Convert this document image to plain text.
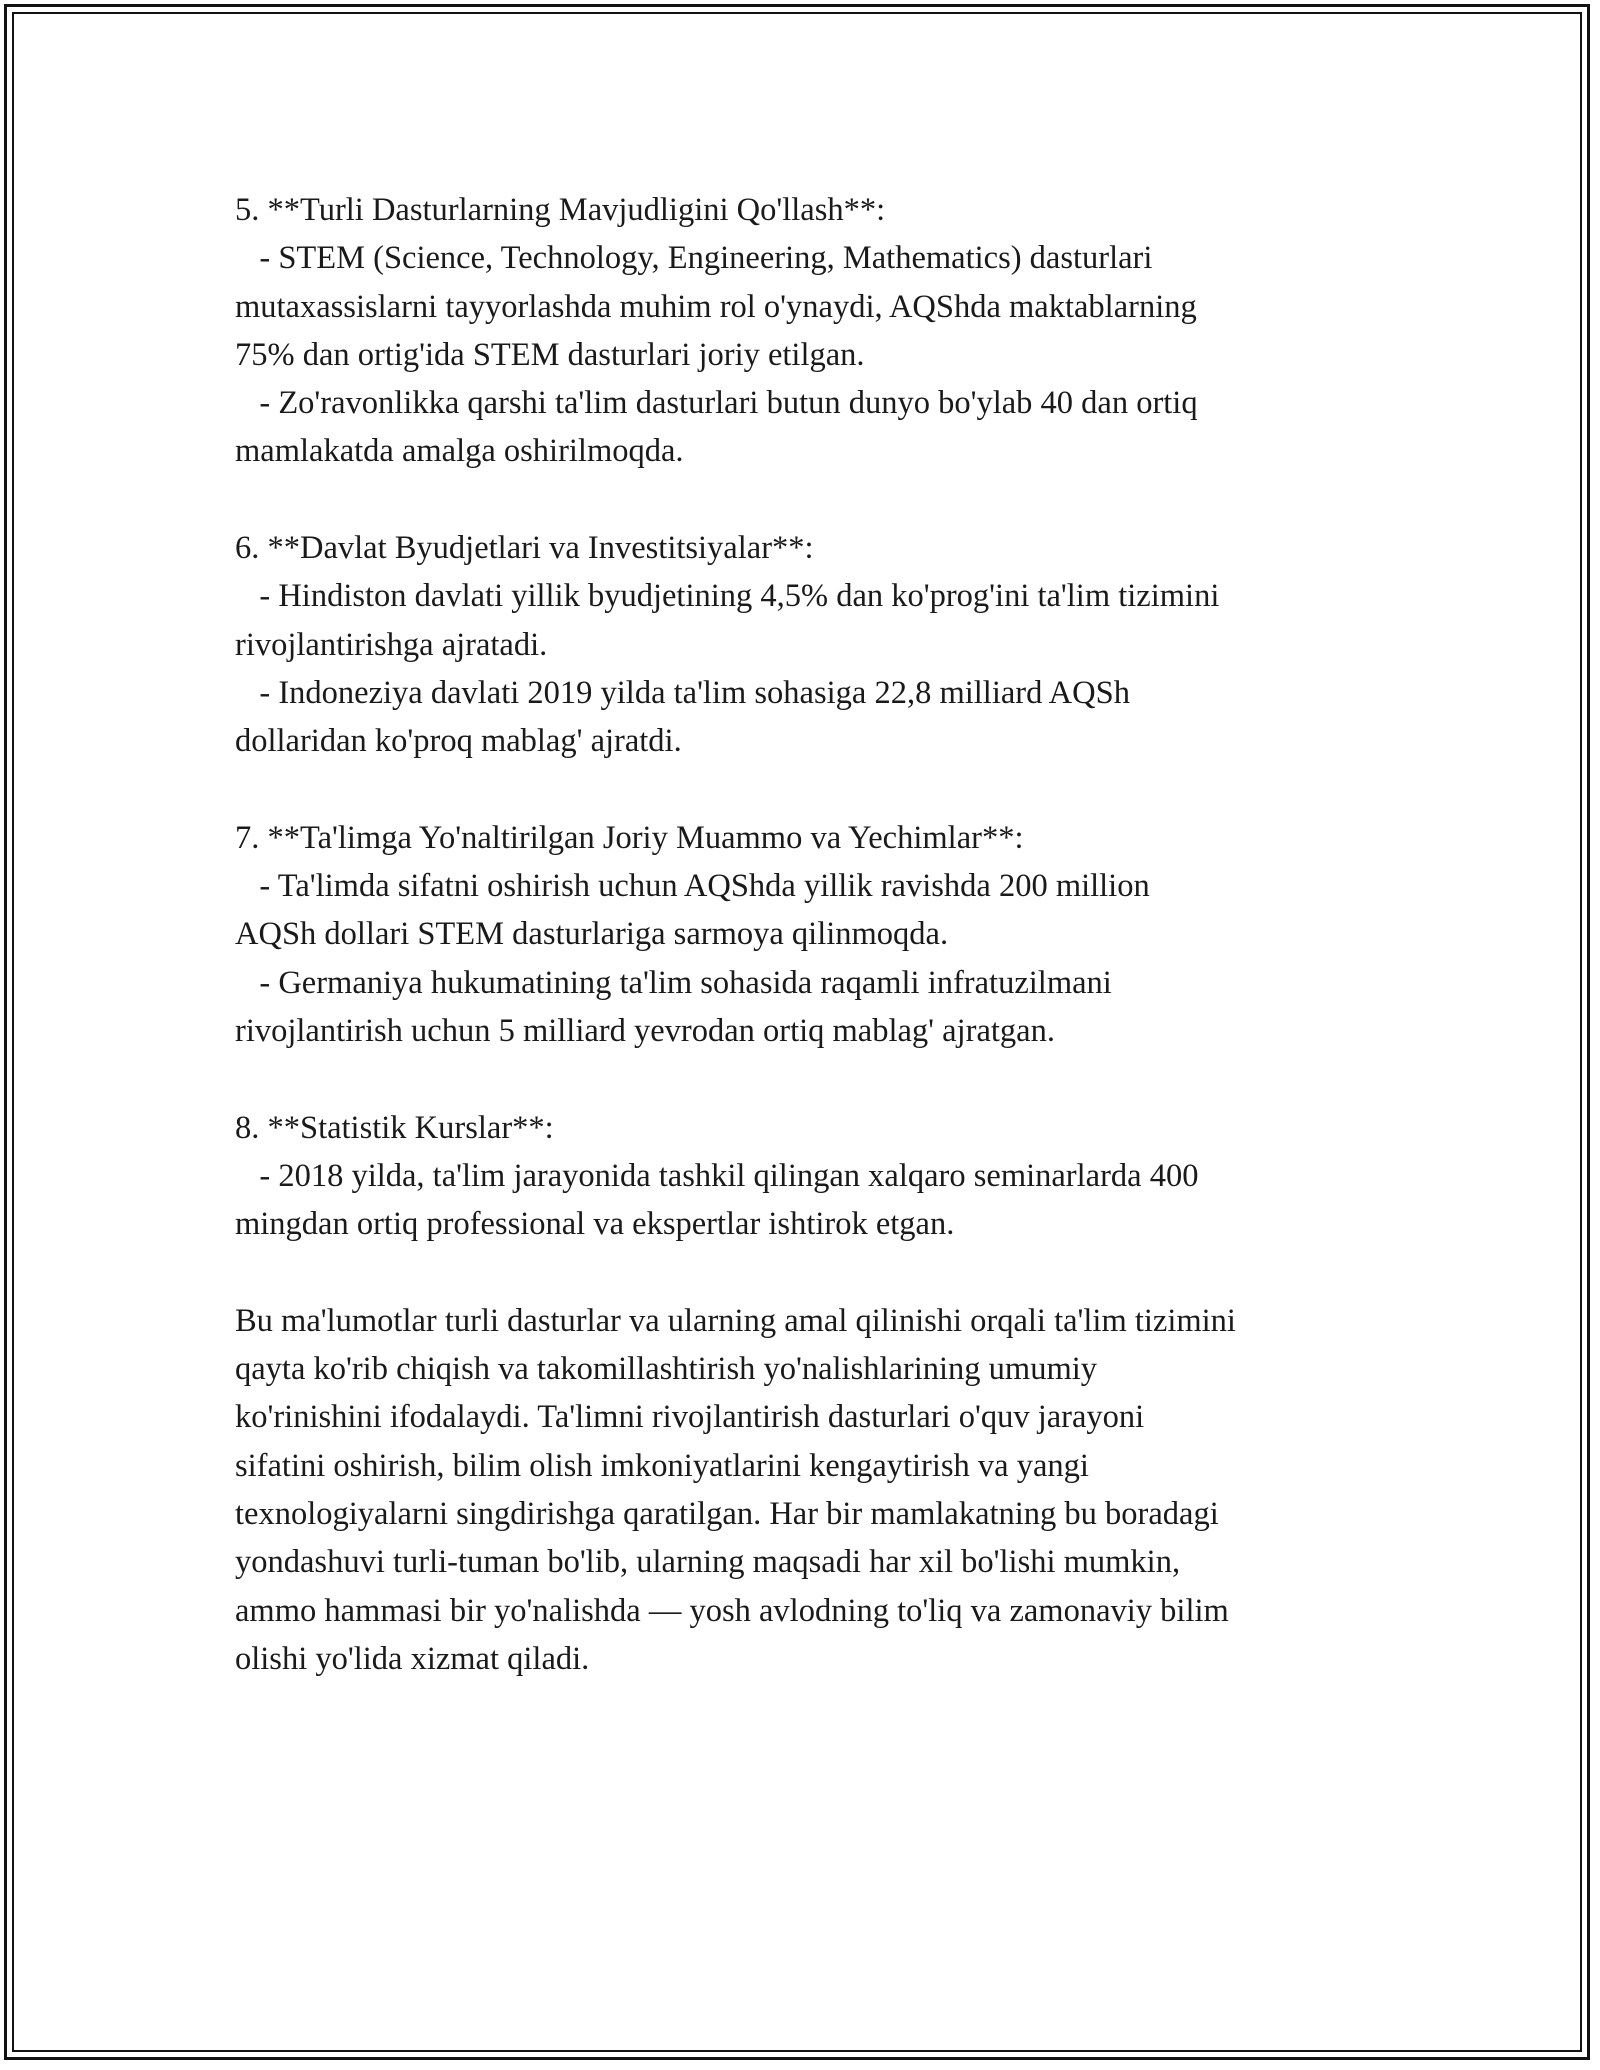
5. **Turli Dasturlarning Mavjudligini Qo'llash**:
- STEM (Science, Technology, Engineering, Mathematics) dasturlari
mutaxassislarni tayyorlashda muhim rol o'ynaydi, AQShda maktablarning
75% dan ortig'ida STEM dasturlari joriy etilgan.
- Zo'ravonlikka qarshi ta'lim dasturlari butun dunyo bo'ylab 40 dan ortiq
mamlakatda amalga oshirilmoqda.
6. **Davlat Byudjetlari va Investitsiyalar**:
- Hindiston davlati yillik byudjetining 4,5% dan ko'prog'ini ta'lim tizimini
rivojlantirishga ajratadi.
- Indoneziya davlati 2019 yilda ta'lim sohasiga 22,8 milliard AQSh
dollaridan ko'proq mablag' ajratdi.
7. **Ta'limga Yo'naltirilgan Joriy Muammo va Yechimlar**:
- Ta'limda sifatni oshirish uchun AQShda yillik ravishda 200 million
AQSh dollari STEM dasturlariga sarmoya qilinmoqda.
- Germaniya hukumatining ta'lim sohasida raqamli infratuzilmani
rivojlantirish uchun 5 milliard yevrodan ortiq mablag' ajratgan.
8. **Statistik Kurslar**:
- 2018 yilda, ta'lim jarayonida tashkil qilingan xalqaro seminarlarda 400
mingdan ortiq professional va ekspertlar ishtirok etgan.
Bu ma'lumotlar turli dasturlar va ularning amal qilinishi orqali ta'lim tizimini
qayta ko'rib chiqish va takomillashtirish yo'nalishlarining umumiy
ko'rinishini ifodalaydi. Ta'limni rivojlantirish dasturlari o'quv jarayoni
sifatini oshirish, bilim olish imkoniyatlarini kengaytirish va yangi
texnologiyalarni singdirishga qaratilgan. Har bir mamlakatning bu boradagi
yondashuvi turli-tuman bo'lib, ularning maqsadi har xil bo'lishi mumkin,
ammo hammasi bir yo'nalishda — yosh avlodning to'liq va zamonaviy bilim
olishi yo'lida xizmat qiladi.
